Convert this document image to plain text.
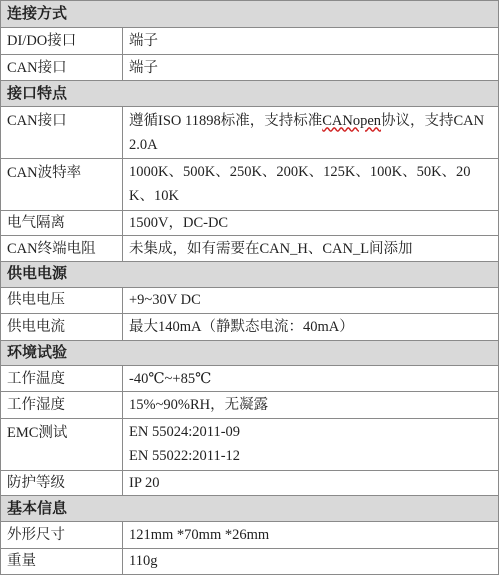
连接方式	
DI/DO接口	端子
CAN接口	端子
接口特点	
CAN接口	遵循ISO 11898标准，支持标准CANopen协议，支持CAN2.0A
CAN波特率	1000K、500K、250K、200K、125K、100K、50K、20K、10K
电气隔离	1500V，DC-DC
CAN终端电阻	未集成，如有需要在CAN_H、CAN_L间添加
供电电源	
供电电压	+9~30V DC
供电电流	最大140mA（静默态电流：40mA）
环境试验	
工作温度	-40℃~+85℃
工作湿度	15%~90%RH，无凝露
EMC测试	EN 55024:2011-09
EN 55022:2011-12

防护等级	IP 20
基本信息	
外形尺寸	121mm *70mm *26mm
重量	110g
